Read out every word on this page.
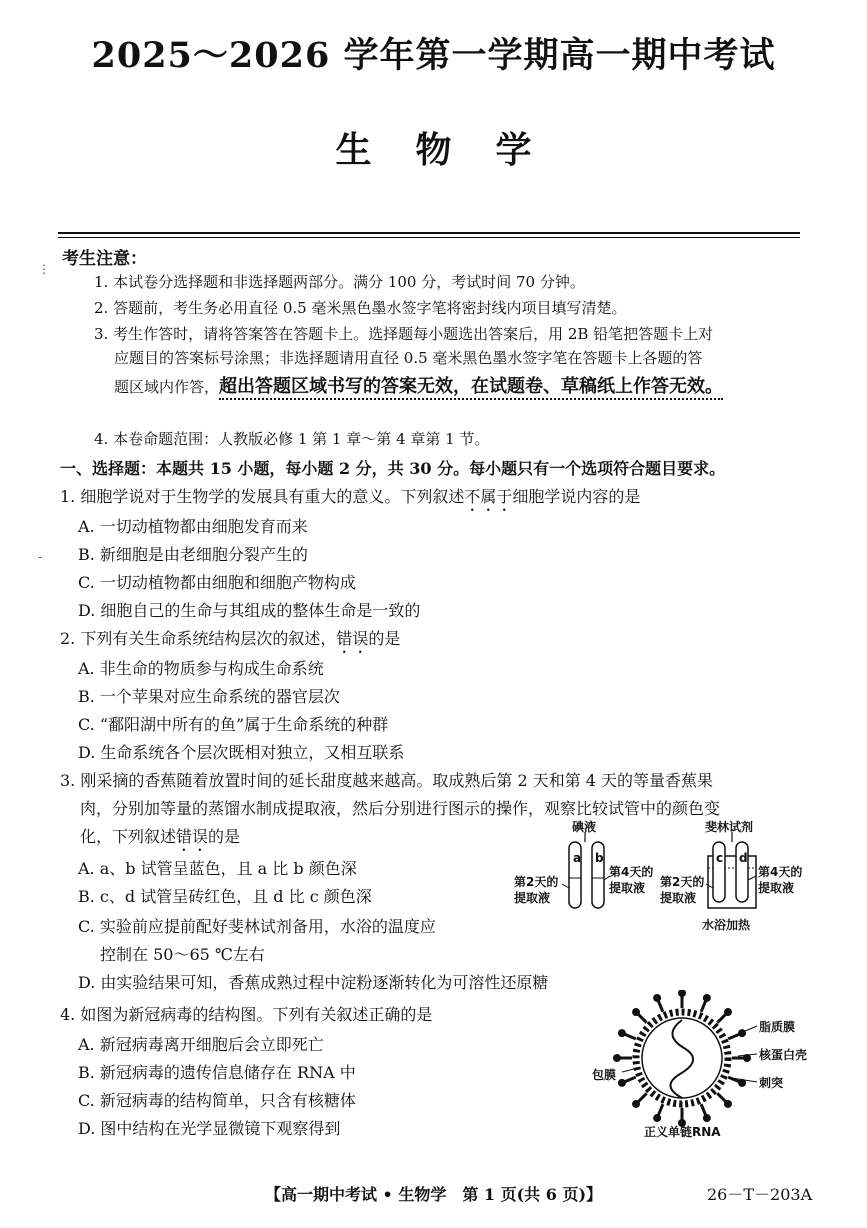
2025～2026 学年第一学期高一期中考试
生 物 学
⋮
-
考生注意：
1. 本试卷分选择题和非选择题两部分。满分 100 分，考试时间 70 分钟。
2. 答题前，考生务必用直径 0.5 毫米黑色墨水签字笔将密封线内项目填写清楚。
3. 考生作答时，请将答案答在答题卡上。选择题每小题选出答案后，用 2B 铅笔把答题卡上对
应题目的答案标号涂黑；非选择题请用直径 0.5 毫米黑色墨水签字笔在答题卡上各题的答
题区域内作答，超出答题区域书写的答案无效，在试题卷、草稿纸上作答无效。
4. 本卷命题范围：人教版必修 1 第 1 章～第 4 章第 1 节。
一、选择题：本题共 15 小题，每小题 2 分，共 30 分。每小题只有一个选项符合题目要求。
1. 细胞学说对于生物学的发展具有重大的意义。下列叙述不属于细胞学说内容的是
A. 一切动植物都由细胞发育而来
B. 新细胞是由老细胞分裂产生的
C. 一切动植物都由细胞和细胞产物构成
D. 细胞自己的生命与其组成的整体生命是一致的
2. 下列有关生命系统结构层次的叙述，错误的是
A. 非生命的物质参与构成生命系统
B. 一个苹果对应生命系统的器官层次
C. “鄱阳湖中所有的鱼”属于生命系统的种群
D. 生命系统各个层次既相对独立，又相互联系
3. 刚采摘的香蕉随着放置时间的延长甜度越来越高。取成熟后第 2 天和第 4 天的等量香蕉果
肉，分别加等量的蒸馏水制成提取液，然后分别进行图示的操作，观察比较试管中的颜色变
化，下列叙述错误的是
A. a、b 试管呈蓝色，且 a 比 b 颜色深
B. c、d 试管呈砖红色，且 d 比 c 颜色深
C. 实验前应提前配好斐林试剂备用，水浴的温度应
控制在 50～65 ℃左右
D. 由实验结果可知，香蕉成熟过程中淀粉逐渐转化为可溶性还原糖
碘液	斐林试剂
a b	c d
第2天的
提取液
第4天的
提取液	第2天的
提取液
第4天的
提取液
水浴加热
4. 如图为新冠病毒的结构图。下列有关叙述正确的是
A. 新冠病毒离开细胞后会立即死亡
B. 新冠病毒的遗传信息储存在 RNA 中
C. 新冠病毒的结构简单，只含有核糖体
D. 图中结构在光学显微镜下观察得到
脂质膜
核蛋白壳
包膜
刺突
正义单链RNA
【高一期中考试 • 生物学　第 1 页(共 6 页)】	26－T－203A
